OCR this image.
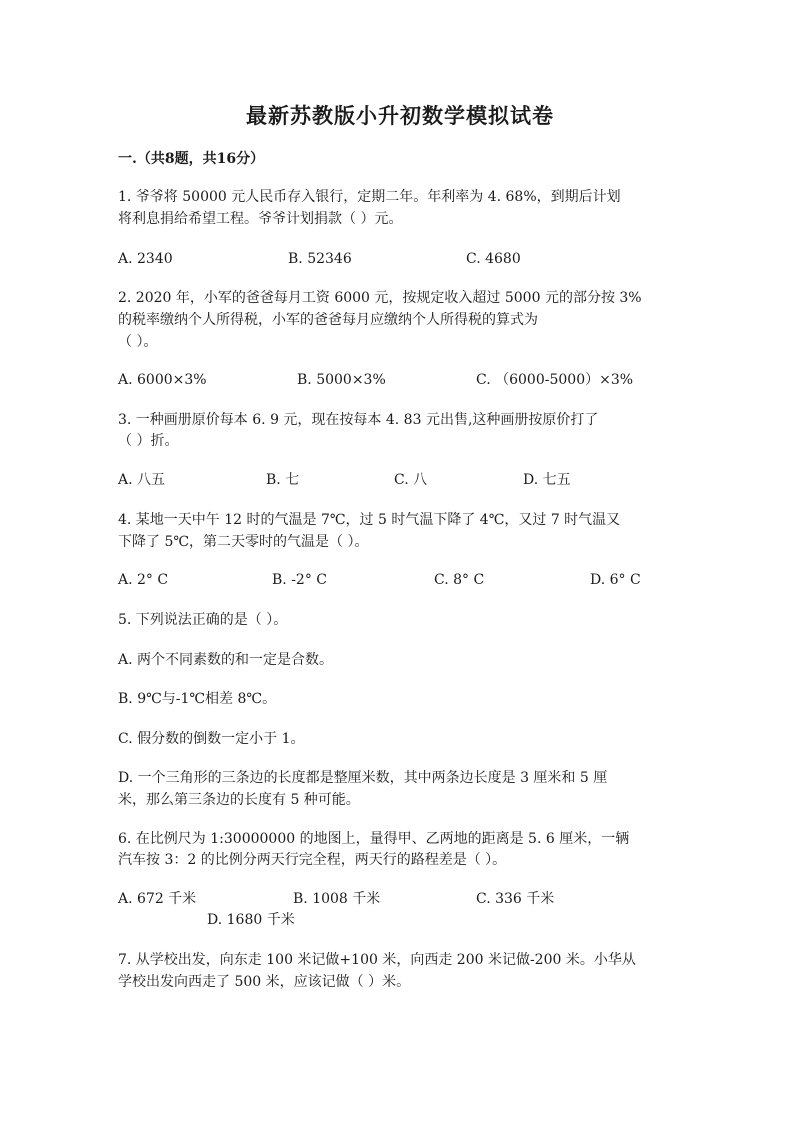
最新苏教版小升初数学模拟试卷

一.（共8题，共16分）

1. 爷爷将 50000 元人民币存入银行，定期二年。年利率为 4. 68%，到期后计划

将利息捐给希望工程。爷爷计划捐款（ ）元。

A. 2340	B. 52346	C. 4680

2. 2020 年，小军的爸爸每月工资 6000 元，按规定收入超过 5000 元的部分按 3%

的税率缴纳个人所得税，小军的爸爸每月应缴纳个人所得税的算式为

（ ）。

A. 6000×3%	B. 5000×3%	C. （6000-5000）×3%

3. 一种画册原价每本 6. 9 元，现在按每本 4. 83 元出售,这种画册按原价打了

（ ）折。

A. 八五	B. 七	C. 八	D. 七五

4. 某地一天中午 12 时的气温是 7℃，过 5 时气温下降了 4℃，又过 7 时气温又

下降了 5℃，第二天零时的气温是（ ）。

A. 2° C	B. -2° C	C. 8° C	D. 6° C

5. 下列说法正确的是（ ）。

A. 两个不同素数的和一定是合数。

B. 9℃与-1℃相差 8℃。

C. 假分数的倒数一定小于 1。

D. 一个三角形的三条边的长度都是整厘米数，其中两条边长度是 3 厘米和 5 厘

米，那么第三条边的长度有 5 种可能。

6. 在比例尺为 1:30000000 的地图上，量得甲、乙两地的距离是 5. 6 厘米，一辆

汽车按 3：2 的比例分两天行完全程，两天行的路程差是（ ）。

A. 672 千米	B. 1008 千米	C. 336 千米

D. 1680 千米

7. 从学校出发，向东走 100 米记做+100 米，向西走 200 米记做-200 米。小华从

学校出发向西走了 500 米，应该记做（ ）米。
